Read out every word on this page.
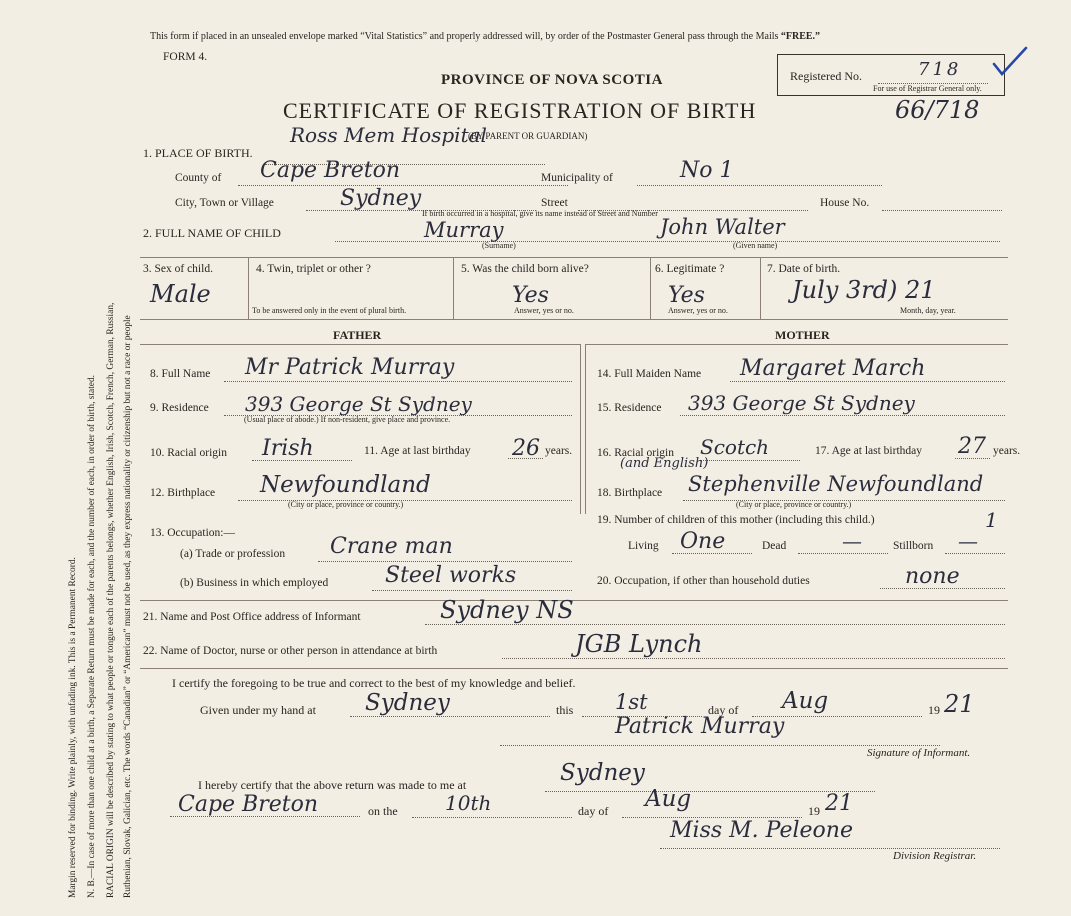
Margin reserved for binding. Write plainly, with unfading ink. This is a Permanent Record. N. B.—In case of more than one child at a birth, a Separate Return must be made for each, and the number of each, in order of birth, stated. RACIAL ORIGIN will be described by stating to what people or tongue each of the parents belongs, whether English, Irish, Scotch, French, German, Russian, Ruthenian, Slovak, Galician, etc. The words “Canadian” or “American” must not be used, as they express nationality or citizenship but not a race or people
This form if placed in an unsealed envelope marked “Vital Statistics” and properly addressed will, by order of the Postmaster General pass through the Mails “FREE.”
FORM 4.
PROVINCE OF NOVA SCOTIA
CERTIFICATE OF REGISTRATION OF BIRTH	66/718
(BY PARENT OR GUARDIAN)
Registered No.	718
For use of Registrar General only.
1. PLACE OF BIRTH.
Ross Mem Hospital
County of Cape Breton	Municipality of	No 1
City, Town or Village	Sydney	Street	House No.
If birth occurred in a hospital, give its name instead of Street and Number
2. FULL NAME OF CHILD	Murray
(Surname)
John Walter
(Given name)
3. Sex of child.
Male
4. Twin, triplet or other ?
To be answered only in the event of plural birth.
5. Was the child born alive?
Yes
Answer, yes or no.
6. Legitimate ?
Yes
Answer, yes or no.
7. Date of birth.
July 3rd) 21
Month, day, year.
FATHER	MOTHER
8. Full Name Mr Patrick Murray
9. Residence 393 George St Sydney
(Usual place of abode.) If non-resident, give place and province.
10. Racial origin Irish	11. Age at last birthday 26 years.
12. Birthplace Newfoundland
(City or place, province or country.)
13. Occupation:—
(a) Trade or profession Crane man
(b) Business in which employed	Steel works
14. Full Maiden Name Margaret March
15. Residence 393 George St Sydney
16. Racial origin Scotch
(and English)
17. Age at last birthday 27 years.
18. Birthplace Stephenville Newfoundland
(City or place, province or country.)
19. Number of children of this mother (including this child.)	1
Living One	Dead	—	Stillborn —
20. Occupation, if other than household duties	none
21. Name and Post Office address of Informant	Sydney NS
22. Name of Doctor, nurse or other person in attendance at birth	JGB Lynch
I certify the foregoing to be true and correct to the best of my knowledge and belief.
Given under my hand at Sydney	this 1st	day of Aug	19 21
Patrick Murray
Signature of Informant.
I hereby certify that the above return was made to me at	Sydney
Cape Breton	on the 10th	day of Aug	19 21
Miss M. Peleone
Division Registrar.
